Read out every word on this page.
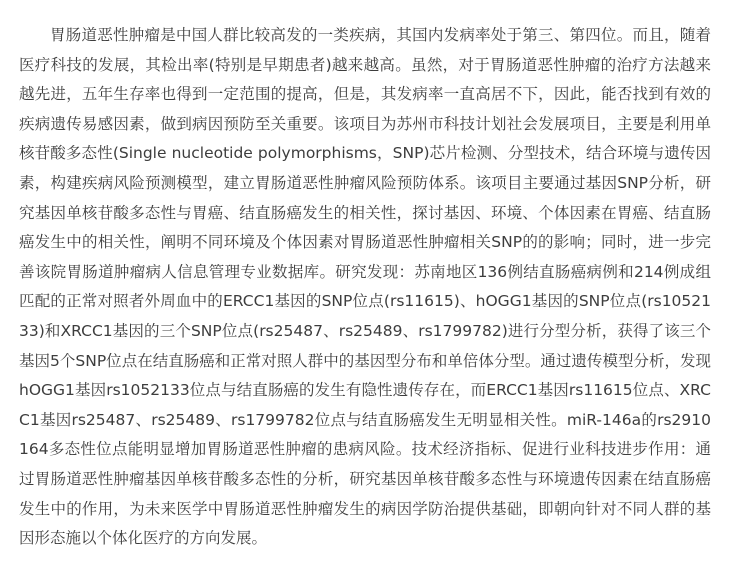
胃肠道恶性肿瘤是中国人群比较高发的一类疾病，其国内发病率处于第三、第四位。而且，随着医疗科技的发展，其检出率(特别是早期患者)越来越高。虽然，对于胃肠道恶性肿瘤的治疗方法越来越先进，五年生存率也得到一定范围的提高，但是，其发病率一直高居不下，因此，能否找到有效的疾病遗传易感因素，做到病因预防至关重要。该项目为苏州市科技计划社会发展项目，主要是利用单核苷酸多态性(Single nucleotide polymorphisms，SNP)芯片检测、分型技术，结合环境与遗传因素，构建疾病风险预测模型，建立胃肠道恶性肿瘤风险预防体系。该项目主要通过基因SNP分析，研究基因单核苷酸多态性与胃癌、结直肠癌发生的相关性，探讨基因、环境、个体因素在胃癌、结直肠癌发生中的相关性，阐明不同环境及个体因素对胃肠道恶性肿瘤相关SNP的的影响；同时，进一步完善该院胃肠道肿瘤病人信息管理专业数据库。研究发现：苏南地区136例结直肠癌病例和214例成组匹配的正常对照者外周血中的ERCC1基因的SNP位点(rs11615)、hOGG1基因的SNP位点(rs1052133)和XRCC1基因的三个SNP位点(rs25487、rs25489、rs1799782)进行分型分析，获得了该三个基因5个SNP位点在结直肠癌和正常对照人群中的基因型分布和单倍体分型。通过遗传模型分析，发现hOGG1基因rs1052133位点与结直肠癌的发生有隐性遗传存在，而ERCC1基因rs11615位点、XRCC1基因rs25487、rs25489、rs1799782位点与结直肠癌发生无明显相关性。miR-146a的rs2910164多态性位点能明显增加胃肠道恶性肿瘤的患病风险。技术经济指标、促进行业科技进步作用：通过胃肠道恶性肿瘤基因单核苷酸多态性的分析，研究基因单核苷酸多态性与环境遗传因素在结直肠癌发生中的作用，为未来医学中胃肠道恶性肿瘤发生的病因学防治提供基础，即朝向针对不同人群的基因形态施以个体化医疗的方向发展。
